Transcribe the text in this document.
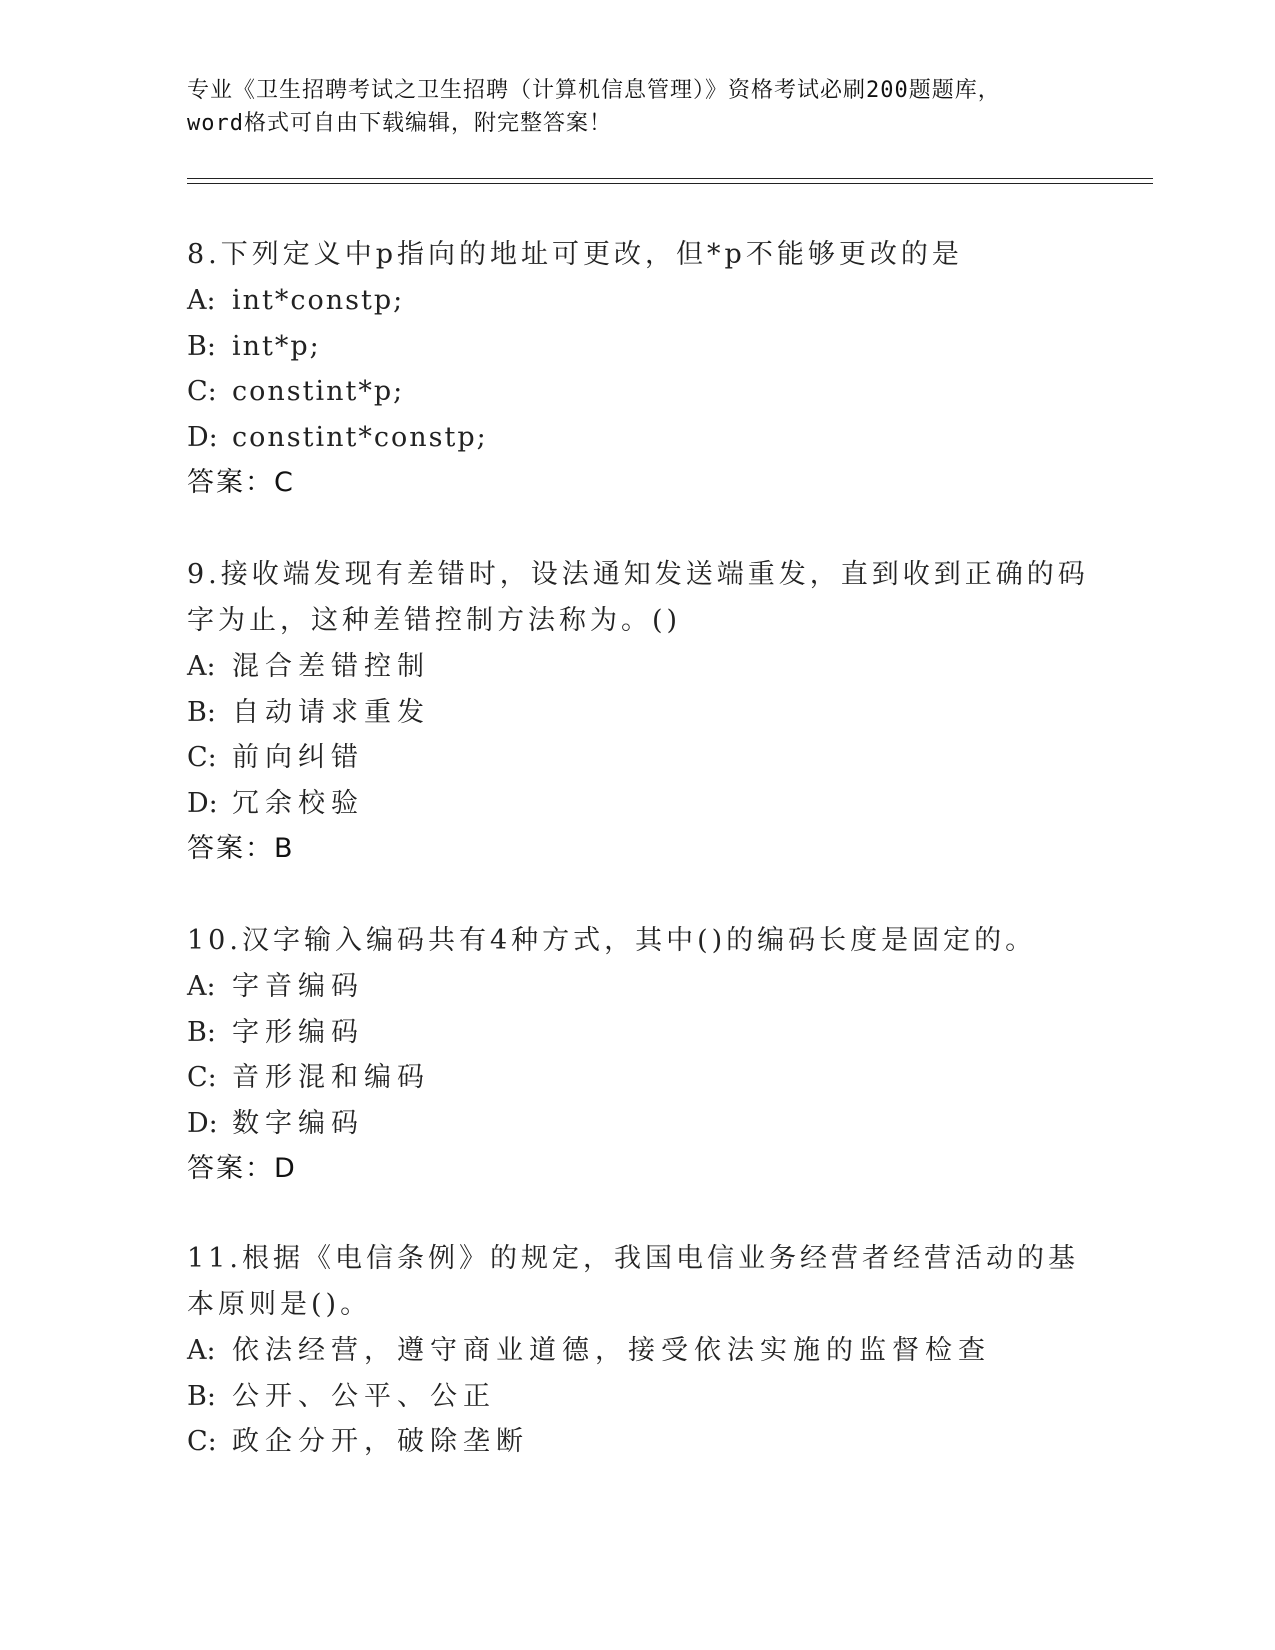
专业《卫生招聘考试之卫生招聘（计算机信息管理）》资格考试必刷200题题库，
word格式可自由下载编辑，附完整答案！

8.下列定义中p指向的地址可更改，但*p不能够更改的是

A: int*constp;

B: int*p;

C: constint*p;

D: constint*constp;

答案：C

9.接收端发现有差错时，设法通知发送端重发，直到收到正确的码字为止，这种差错控制方法称为。()

A: 混合差错控制

B: 自动请求重发

C: 前向纠错

D: 冗余校验

答案：B

10.汉字输入编码共有4种方式，其中()的编码长度是固定的。

A: 字音编码

B: 字形编码

C: 音形混和编码

D: 数字编码

答案：D

11.根据《电信条例》的规定，我国电信业务经营者经营活动的基本原则是()。

A: 依法经营，遵守商业道德，接受依法实施的监督检查

B: 公开、公平、公正

C: 政企分开，破除垄断
